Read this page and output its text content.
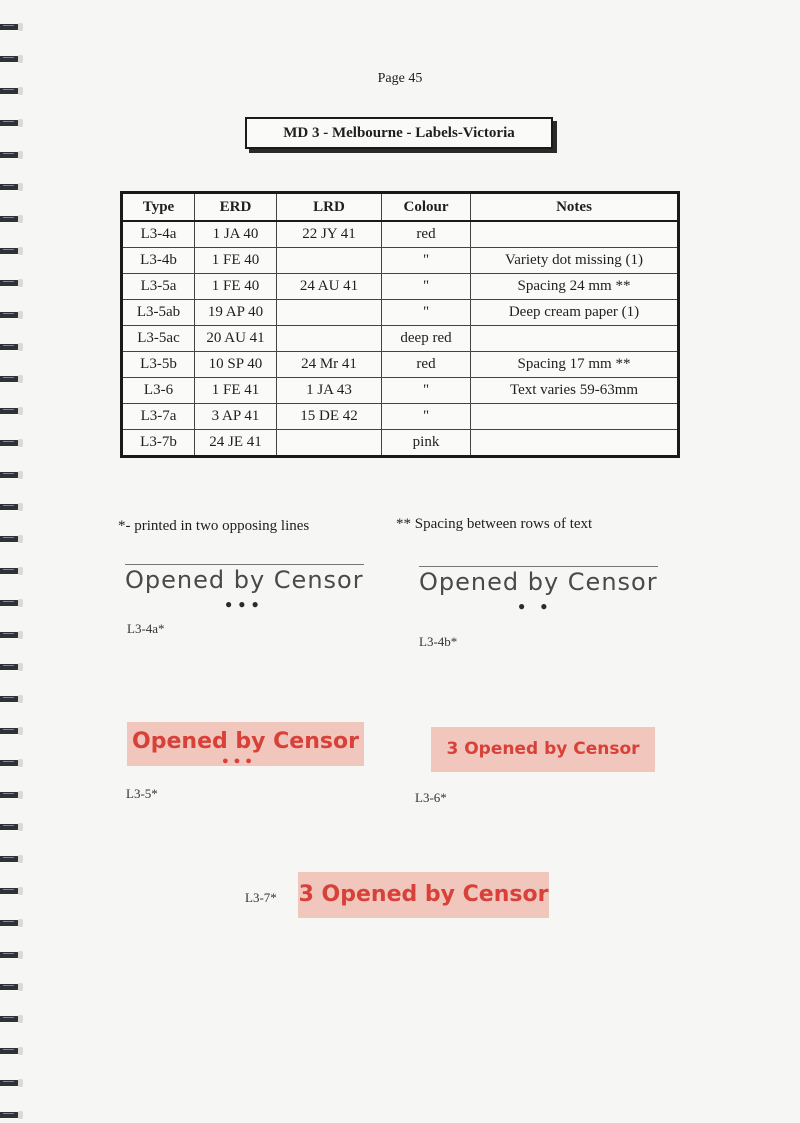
Page 45
MD 3 - Melbourne - Labels-Victoria
Type	ERD	LRD	Colour	Notes
L3-4a	1 JA 40	22 JY 41	red	
L3-4b	1 FE 40		"	Variety dot missing (1)
L3-5a	1 FE 40	24 AU 41	"	Spacing 24 mm **
L3-5ab	19 AP 40		"	Deep cream paper (1)
L3-5ac	20 AU 41		deep red	
L3-5b	10 SP 40	24 Mr 41	red	Spacing 17 mm **
L3-6	1 FE 41	1 JA 43	"	Text varies 59-63mm
L3-7a	3 AP 41	15 DE 42	"	
L3-7b	24 JE 41		pink	
*- printed in two opposing lines	** Spacing between rows of text
Opened by Censor
●●●
L3-4a*
Opened by Censor
● ●
L3-4b*
Opened by Censor
●●●
L3-5*
3 Opened by Censor
L3-6*
L3-7* 3 Opened by Censor
